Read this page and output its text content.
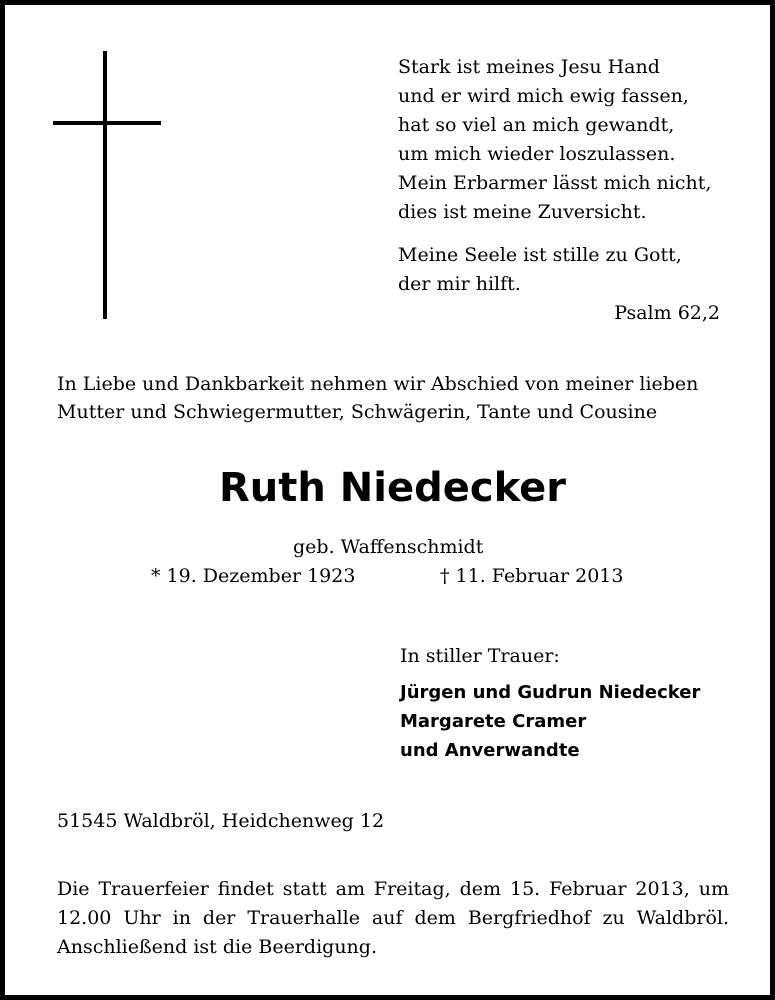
Stark ist meines Jesu Hand
und er wird mich ewig fassen,
hat so viel an mich gewandt,
um mich wieder loszulassen.
Mein Erbarmer lässt mich nicht,
dies ist meine Zuversicht.
Meine Seele ist stille zu Gott,
der mir hilft.
Psalm 62,2
In Liebe und Dankbarkeit nehmen wir Abschied von meiner lieben
Mutter und Schwiegermutter, Schwägerin, Tante und Cousine
Ruth Niedecker
geb. Waffenschmidt
* 19. Dezember 1923	† 11. Februar 2013
In stiller Trauer:
Jürgen und Gudrun Niedecker
Margarete Cramer
und Anverwandte
51545 Waldbröl, Heidchenweg 12
Die Trauerfeier findet statt am Freitag, dem 15. Februar 2013, um
12.00 Uhr in der Trauerhalle auf dem Bergfriedhof zu Waldbröl.
Anschließend ist die Beerdigung.
